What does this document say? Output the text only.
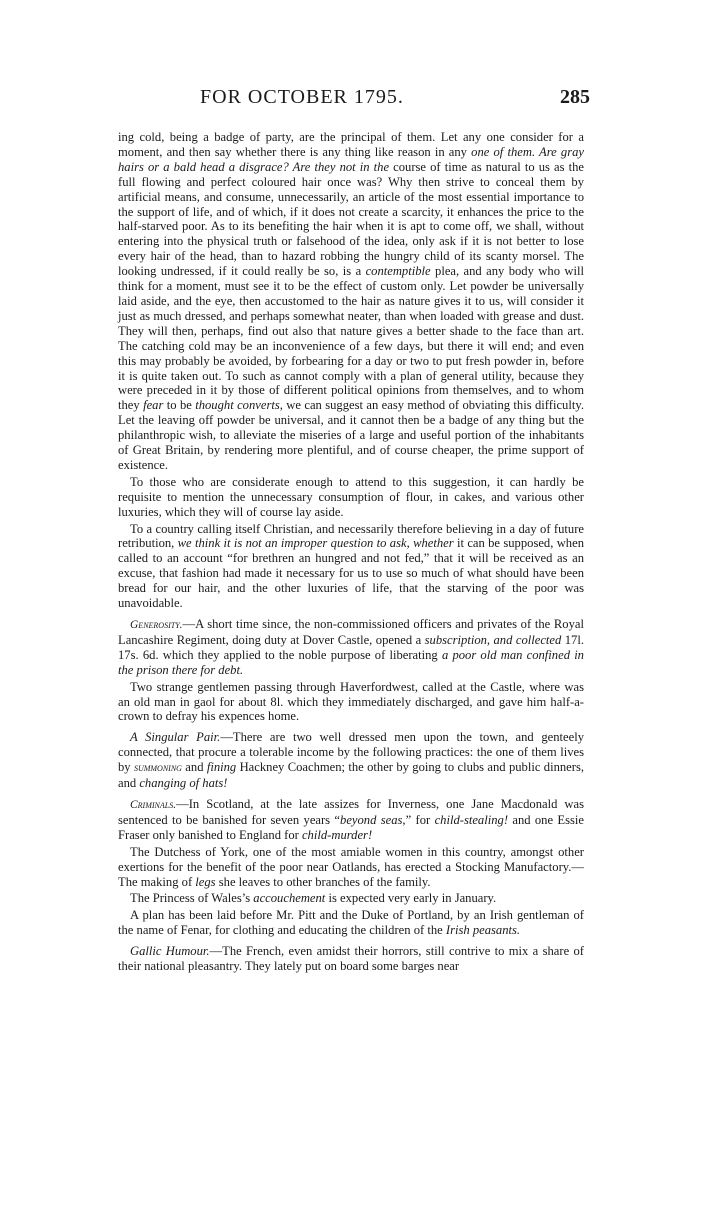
FOR OCTOBER 1795.	285

ing cold, being a badge of party, are the principal of them. Let any one consider for a moment, and then say whether there is any thing like reason in any one of them. Are gray hairs or a bald head a disgrace? Are they not in the course of time as natural to us as the full flowing and perfect coloured hair once was? Why then strive to conceal them by artificial means, and consume, unnecessarily, an article of the most essential importance to the support of life, and of which, if it does not create a scarcity, it enhances the price to the half-starved poor. As to its benefiting the hair when it is apt to come off, we shall, without entering into the physical truth or falsehood of the idea, only ask if it is not better to lose every hair of the head, than to hazard robbing the hungry child of its scanty morsel. The looking undressed, if it could really be so, is a contemptible plea, and any body who will think for a moment, must see it to be the effect of custom only. Let powder be universally laid aside, and the eye, then accustomed to the hair as nature gives it to us, will consider it just as much dressed, and perhaps somewhat neater, than when loaded with grease and dust. They will then, perhaps, find out also that nature gives a better shade to the face than art. The catching cold may be an inconvenience of a few days, but there it will end; and even this may probably be avoided, by forbearing for a day or two to put fresh powder in, before it is quite taken out. To such as cannot comply with a plan of general utility, because they were preceded in it by those of different political opinions from themselves, and to whom they fear to be thought converts, we can suggest an easy method of obviating this difficulty. Let the leaving off powder be universal, and it cannot then be a badge of any thing but the philanthropic wish, to alleviate the miseries of a large and useful portion of the inhabitants of Great Britain, by rendering more plentiful, and of course cheaper, the prime support of existence.

To those who are considerate enough to attend to this suggestion, it can hardly be requisite to mention the unnecessary consumption of flour, in cakes, and various other luxuries, which they will of course lay aside.

To a country calling itself Christian, and necessarily therefore believing in a day of future retribution, we think it is not an improper question to ask, whether it can be supposed, when called to an account “for brethren an hungred and not fed,” that it will be received as an excuse, that fashion had made it necessary for us to use so much of what should have been bread for our hair, and the other luxuries of life, that the starving of the poor was unavoidable.

Generosity.—A short time since, the non-commissioned officers and privates of the Royal Lancashire Regiment, doing duty at Dover Castle, opened a subscription, and collected 17l. 17s. 6d. which they applied to the noble purpose of liberating a poor old man confined in the prison there for debt.

Two strange gentlemen passing through Haverfordwest, called at the Castle, where was an old man in gaol for about 8l. which they immediately discharged, and gave him half-a-crown to defray his expences home.

A Singular Pair.—There are two well dressed men upon the town, and genteely connected, that procure a tolerable income by the following practices: the one of them lives by summoning and fining Hackney Coachmen; the other by going to clubs and public dinners, and changing of hats!

Criminals.—In Scotland, at the late assizes for Inverness, one Jane Macdonald was sentenced to be banished for seven years “beyond seas,” for child-stealing! and one Essie Fraser only banished to England for child-murder!

The Dutchess of York, one of the most amiable women in this country, amongst other exertions for the benefit of the poor near Oatlands, has erected a Stocking Manufactory.—The making of legs she leaves to other branches of the family.

The Princess of Wales’s accouchement is expected very early in January.

A plan has been laid before Mr. Pitt and the Duke of Portland, by an Irish gentleman of the name of Fenar, for clothing and educating the children of the Irish peasants.

Gallic Humour.—The French, even amidst their horrors, still contrive to mix a share of their national pleasantry. They lately put on board some barges near
